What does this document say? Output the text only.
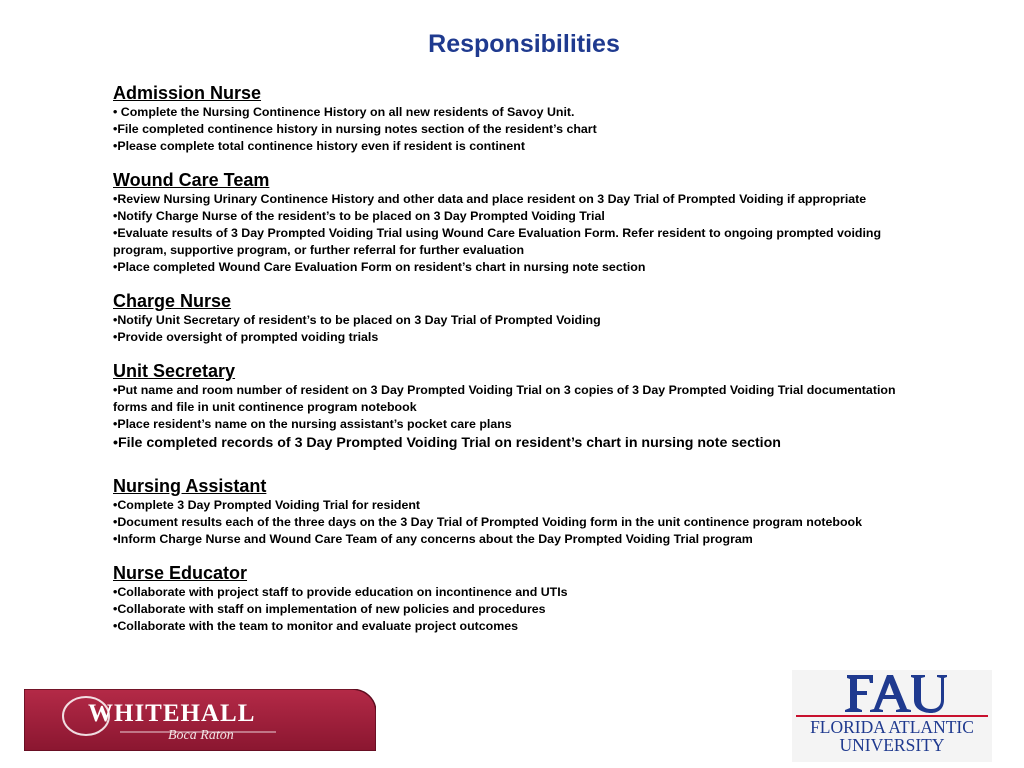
Responsibilities
Admission Nurse
• Complete the Nursing Continence History on all new residents of Savoy Unit.
•File completed continence history in nursing notes section of the resident’s chart
•Please complete total continence history even if resident is continent
Wound Care Team
•Review Nursing Urinary Continence History and other data and place resident on 3 Day Trial of Prompted Voiding if appropriate
•Notify Charge Nurse of the resident’s to be placed on 3 Day Prompted Voiding Trial
•Evaluate results of 3 Day Prompted Voiding Trial using Wound Care Evaluation Form. Refer resident to ongoing prompted voiding program, supportive program, or further referral for further evaluation
•Place completed Wound Care Evaluation Form on resident’s chart in nursing note section
Charge Nurse
•Notify Unit Secretary of resident’s to be placed on 3 Day Trial of Prompted Voiding
•Provide oversight of prompted voiding trials
Unit Secretary
•Put name and room number of resident on 3 Day Prompted Voiding Trial on 3 copies of 3 Day Prompted Voiding Trial documentation forms and file in unit continence program notebook
•Place resident’s name on the nursing assistant’s pocket care plans
•File completed records of 3 Day Prompted Voiding Trial on resident’s chart in nursing note section
Nursing Assistant
•Complete 3 Day Prompted Voiding Trial for resident
•Document results each of the three days on the 3 Day Trial of Prompted Voiding form in the unit continence program notebook
•Inform Charge Nurse and Wound Care Team of any concerns about the Day Prompted Voiding Trial program
Nurse Educator
•Collaborate with project staff to provide education on incontinence and UTIs
•Collaborate with staff on implementation of new policies and procedures
•Collaborate with the team to monitor and evaluate project outcomes
WHITEHALL
Boca Raton	FLORIDA ATLANTIC
UNIVERSITY
